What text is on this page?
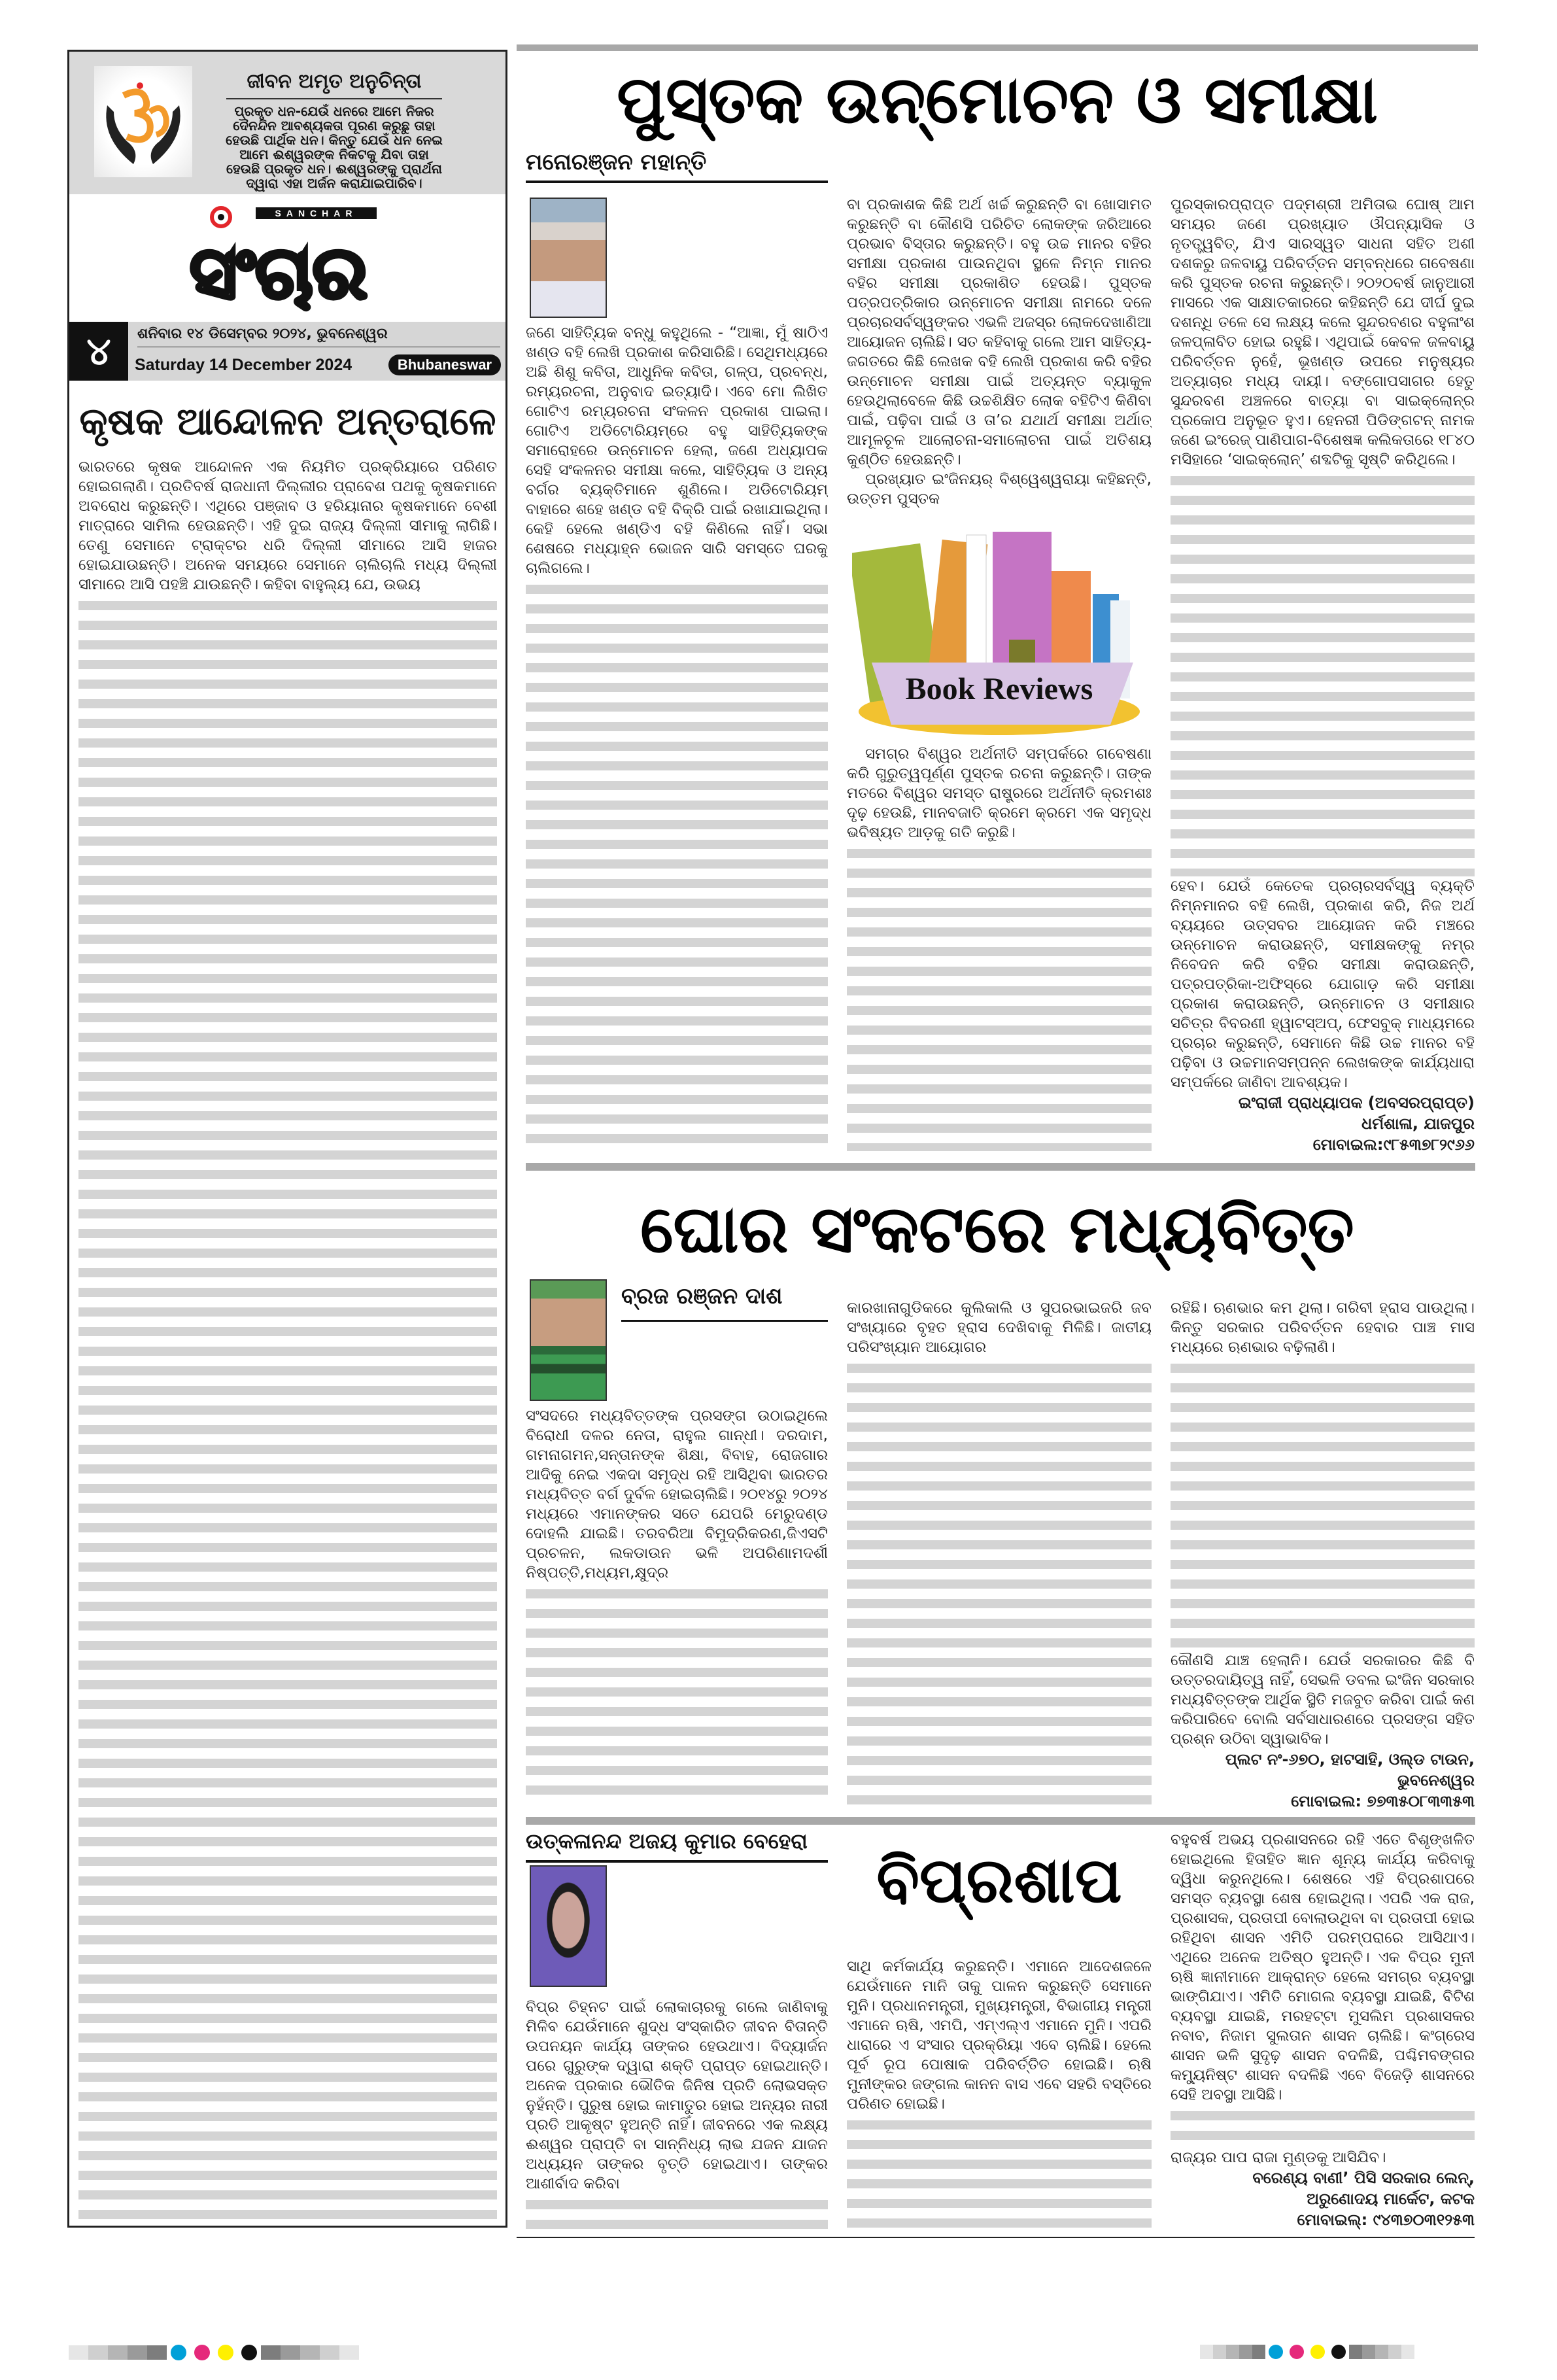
ଜୀବନ ଅମୃତ ଅନୁଚିନ୍ତା
ପ୍ରକୃତ ଧନ-ଯେଉଁ ଧନରେ ଆମେ ନିଜର ଦୈନନ୍ଦିନ ଆବଶ୍ୟକତା ପୂରଣ କରୁଛୁ ତାହା ହେଉଛି ପାର୍ଥିକ ଧନ। କିନ୍ତୁ ଯେଉଁ ଧନ ନେଇ ଆମେ ଈଶ୍ୱରଙ୍କ ନିକଟକୁ ଯିବା ତାହା ହେଉଛି ପ୍ରକୃତ ଧନ। ଈଶ୍ୱରଙ୍କୁ ପ୍ରାର୍ଥନା ଦ୍ୱାରା ଏହା ଅର୍ଜନ କରାଯାଇପାରିବ।
SANCHAR
ସଂଚାର
୪	ଶନିବାର ୧୪ ଡିସେମ୍ବର ୨୦୨୪, ଭୁବନେଶ୍ୱର
Saturday 14 December 2024	Bhubaneswar
କୃଷକ ଆନ୍ଦୋଳନ ଅନ୍ତରାଳେ

ଭାରତରେ କୃଷକ ଆନ୍ଦୋଳନ ଏକ ନିୟମିତ ପ୍ରକ୍ରିୟାରେ ପରିଣତ ହୋଇଗଲାଣି। ପ୍ରତିବର୍ଷ ରାଜଧାନୀ ଦିଲ୍ଲୀର ପ୍ରାବେଶ ପଥକୁ କୃଷକମାନେ ଅବରୋଧ କରୁଛନ୍ତି। ଏଥିରେ ପଞ୍ଜାବ ଓ ହରିୟାନାର କୃଷକମାନେ ବେଶୀ ମାତ୍ରାରେ ସାମିଲ ହେଉଛନ୍ତି। ଏହି ଦୁଇ ରାଜ୍ୟ ଦିଲ୍ଲୀ ସୀମାକୁ ଲାଗିଛି। ତେଣୁ ସେମାନେ ଟ୍ରାକ୍ଟର ଧରି ଦିଲ୍ଲୀ ସୀମାରେ ଆସି ହାଜର ହୋଇଯାଉଛନ୍ତି। ଅନେକ ସମୟରେ ସେମାନେ ଚାଲିଚାଲି ମଧ୍ୟ ଦିଲ୍ଲୀ ସୀମାରେ ଆସି ପହଞ୍ଚି ଯାଉଛନ୍ତି। କହିବା ବାହୁଲ୍ୟ ଯେ, ଉଭୟ

ପୁସ୍ତକ ଉନ୍ମୋଚନ ଓ ସମୀକ୍ଷା
ମନୋରଞ୍ଜନ ମହାନ୍ତି

ଜଣେ ସାହିତ୍ୟିକ ବନ୍ଧୁ କହୁଥିଲେ - “ଆଜ୍ଞା, ମୁଁ ଷାଠିଏ ଖଣ୍ଡ ବହି ଲେଖି ପ୍ରକାଶ କରିସାରିଛି। ସେଥିମଧ୍ୟରେ ଅଛି ଶିଶୁ କବିତା, ଆଧୁନିକ କବିତା, ଗଳ୍ପ, ପ୍ରବନ୍ଧ, ରମ୍ୟରଚନା, ଅନୁବାଦ ଇତ୍ୟାଦି। ଏବେ ମୋ ଲିଖିତ ଗୋଟିଏ ରମ୍ୟରଚନା ସଂକଳନ ପ୍ରକାଶ ପାଇଲା। ଗୋଟିଏ ଅଡିଟୋରିୟମ୍‌ରେ ବହୁ ସାହିତ୍ୟିକଙ୍କ ସମାରୋହରେ ଉନ୍ମୋଚନ ହେଲା, ଜଣେ ଅଧ୍ୟାପକ ସେହି ସଂକଳନର ସମୀକ୍ଷା କଲେ, ସାହିତ୍ୟିକ ଓ ଅନ୍ୟ ବର୍ଗର ବ୍ୟକ୍ତିମାନେ ଶୁଣିଲେ। ଅଡିଟୋରିୟମ୍ ବାହାରେ ଶହେ ଖଣ୍ଡ ବହି ବିକ୍ରି ପାଇଁ ରଖାଯାଇଥିଲା। କେହି ହେଲେ ଖଣ୍ଡିଏ ବହି କିଣିଲେ ନାହିଁ। ସଭା ଶେଷରେ ମଧ୍ୟାହ୍ନ ଭୋଜନ ସାରି ସମସ୍ତେ ଘରକୁ ଚାଲିଗଲେ।

ବା ପ୍ରକାଶକ କିଛି ଅର୍ଥ ଖର୍ଚ୍ଚ କରୁଛନ୍ତି ବା ଖୋସାମତ କରୁଛନ୍ତି ବା କୌଣସି ପରିଚିତ ଲୋକଙ୍କ ଜରିଆରେ ପ୍ରଭାବ ବିସ୍ତାର କରୁଛନ୍ତି। ବହୁ ଉଚ୍ଚ ମାନର ବହିର ସମୀକ୍ଷା ପ୍ରକାଶ ପାଉନଥିବା ସ୍ଥଳେ ନିମ୍ନ ମାନର ବହିର ସମୀକ୍ଷା ପ୍ରକାଶିତ ହେଉଛି। ପୁସ୍ତକ ପତ୍ରପତ୍ରିକାର ଉନ୍ମୋଚନ ସମୀକ୍ଷା ନାମରେ ଦଳେ ପ୍ରଚାରସର୍ବସ୍ୱଙ୍କର ଏଭଳି ଅଜସ୍ର ଲୋକଦେଖାଣିଆ ଆୟୋଜନ ଚାଲିଛି। ସତ କହିବାକୁ ଗଲେ ଆମ ସାହିତ୍ୟ-ଜଗତରେ କିଛି ଲେଖକ ବହି ଲେଖି ପ୍ରକାଶ କରି ବହିର ଉନ୍ମୋଚନ ସମୀକ୍ଷା ପାଇଁ ଅତ୍ୟନ୍ତ ବ୍ୟାକୁଳ ହେଉଥିଲାବେଳେ କିଛି ଉଚ୍ଚଶିକ୍ଷିତ ଲୋକ ବହିଟିଏ କିଣିବା ପାଇଁ, ପଢ଼ିବା ପାଇଁ ଓ ତା’ର ଯଥାର୍ଥ ସମୀକ୍ଷା ଅର୍ଥାତ୍ ଆମୂଳଚୂଳ ଆଲୋଚନା-ସମାଲୋଚନା ପାଇଁ ଅତିଶୟ କୁଣ୍ଠିତ ହେଉଛନ୍ତି।

ପ୍ରଖ୍ୟାତ ଇଂଜିନୟର୍ ବିଶ୍ୱେଶ୍ୱରାୟା କହିଛନ୍ତି, ଉତ୍ତମ ପୁସ୍ତକ

Book Reviews

ସମଗ୍ର ବିଶ୍ୱର ଅର୍ଥନୀତି ସମ୍ପର୍କରେ ଗବେଷଣା କରି ଗୁରୁତ୍ୱପୂର୍ଣ୍ଣ ପୁସ୍ତକ ରଚନା କରୁଛନ୍ତି। ତାଙ୍କ ମତରେ ବିଶ୍ୱର ସମସ୍ତ ରାଷ୍ଟ୍ରରେ ଅର୍ଥନୀତି କ୍ରମଶଃ ଦୃଢ଼ ହେଉଛି, ମାନବଜାତି କ୍ରମେ କ୍ରମେ ଏକ ସମୃଦ୍ଧ ଭବିଷ୍ୟତ ଆଡ଼କୁ ଗତି କରୁଛି।

ପୁରସ୍କାରପ୍ରାପ୍ତ ପଦ୍ମଶ୍ରୀ ଅମିତାଭ ଘୋଷ୍ ଆମ ସମୟର ଜଣେ ପ୍ରଖ୍ୟାତ ଔପନ୍ୟାସିକ ଓ ନୃତତ୍ତ୍ୱବିତ୍, ଯିଏ ସାରସ୍ୱତ ସାଧନା ସହିତ ଅଶୀ ଦଶକରୁ ଜଳବାୟୁ ପରିବର୍ତ୍ତନ ସମ୍ବନ୍ଧରେ ଗବେଷଣା କରି ପୁସ୍ତକ ରଚନା କରୁଛନ୍ତି। ୨୦୨୦ବର୍ଷ ଜାନୁଆରୀ ମାସରେ ଏକ ସାକ୍ଷାତକାରରେ କହିଛନ୍ତି ଯେ ଦୀର୍ଘ ଦୁଇ ଦଶନ୍ଧି ତଳେ ସେ ଲକ୍ଷ୍ୟ କଲେ ସୁନ୍ଦରବଣର ବହୁଳାଂଶ ଜଳପ୍ଳାବିତ ହୋଇ ରହୁଛି। ଏଥିପାଇଁ କେବଳ ଜଳବାୟୁ ପରିବର୍ତ୍ତନ ନୁହେଁ, ଭୂଖଣ୍ଡ ଉପରେ ମନୁଷ୍ୟର ଅତ୍ୟାଚାର ମଧ୍ୟ ଦାୟୀ। ବଙ୍ଗୋପସାଗର ହେତୁ ସୁନ୍ଦରବଣ ଅଞ୍ଚଳରେ ବାତ୍ୟା ବା ସାଇକ୍ଲୋନ୍‌ର ପ୍ରକୋପ ଅନୁଭୂତ ହୁଏ। ହେନରୀ ପିଡିଙ୍ଗଟନ୍ ନାମକ ଜଣେ ଇଂରେଜ୍ ପାଣିପାଗ-ବିଶେଷଜ୍ଞ କଲିକତାରେ ୧୮୪୦ ମସିହାରେ ‘ସାଇକ୍ଲୋନ୍’ ଶବ୍ଦଟିକୁ ସୃଷ୍ଟି କରିଥିଲେ।

ହେବ। ଯେଉଁ କେତେକ ପ୍ରଚାରସର୍ବସ୍ୱ ବ୍ୟକ୍ତି ନିମ୍ନମାନର ବହି ଲେଖି, ପ୍ରକାଶ କରି, ନିଜ ଅର୍ଥ ବ୍ୟୟରେ ଉତ୍ସବର ଆୟୋଜନ କରି ମଞ୍ଚରେ ଉନ୍ମୋଚନ କରାଉଛନ୍ତି, ସମୀକ୍ଷକଙ୍କୁ ନମ୍ର ନିବେଦନ କରି ବହିର ସମୀକ୍ଷା କରାଉଛନ୍ତି, ପତ୍ରପତ୍ରିକା-ଅଫିସ୍‌ରେ ଯୋଗାଡ଼ କରି ସମୀକ୍ଷା ପ୍ରକାଶ କରାଉଛନ୍ତି, ଉନ୍ମୋଚନ ଓ ସମୀକ୍ଷାର ସଚିତ୍ର ବିବରଣୀ ହ୍ୱାଟସ୍‌ଅପ୍, ଫେସବୁକ୍ ମାଧ୍ୟମରେ ପ୍ରଚାର କରୁଛନ୍ତି, ସେମାନେ କିଛି ଉଚ୍ଚ ମାନର ବହି ପଢ଼ିବା ଓ ଉଚ୍ଚମାନସମ୍ପନ୍ନ ଲେଖକଙ୍କ କାର୍ଯ୍ୟଧାରା ସମ୍ପର୍କରେ ଜାଣିବା ଆବଶ୍ୟକ।

ଇଂରାଜୀ ପ୍ରାଧ୍ୟାପକ (ଅବସରପ୍ରାପ୍ତ)
ଧର୍ମଶାଳା, ଯାଜପୁର
ମୋବାଇଲ:୯୮୫୩୭୮୨୯୬୬
ଘୋର ସଂକଟରେ ମଧ୍ୟବିତ୍ତ
ବ୍ରଜ ରଞ୍ଜନ ଦାଶ

ସଂସଦରେ ମଧ୍ୟବିତ୍ତଙ୍କ ପ୍ରସଙ୍ଗ ଉଠାଇଥିଲେ ବିରୋଧୀ ଦଳର ନେତା, ରାହୁଲ ଗାନ୍ଧୀ। ଦରଦାମ, ଗମନାଗମନ,ସନ୍ତାନଙ୍କ ଶିକ୍ଷା, ବିବାହ, ରୋଜଗାର ଆଦିକୁ ନେଇ ଏକଦା ସମୃଦ୍ଧ ରହି ଆସିଥିବା ଭାରତର ମଧ୍ୟବିତ୍ତ ବର୍ଗ ଦୁର୍ବଳ ହୋଇଚାଲିଛି। ୨୦୧୪ରୁ ୨୦୨୪ ମଧ୍ୟରେ ଏମାନଙ୍କର ସତେ ଯେପରି ମେରୁଦଣ୍ଡ ଦୋହଲି ଯାଇଛି। ତରବରିଆ ବିମୁଦ୍ରିକରଣ,ଜିଏସଟି ପ୍ରଚଳନ, ଲକଡାଉନ ଭଳି ଅପରିଣାମଦର୍ଶୀ ନିଷ୍ପତ୍ତି,ମଧ୍ୟମ,କ୍ଷୁଦ୍ର

କାରଖାନାଗୁଡିକରେ କୁଲିକାଲି ଓ ସୁପରଭାଇଜରି ଜବ ସଂଖ୍ୟାରେ ବୃହତ ହ୍ରାସ ଦେଖିବାକୁ ମିଳିଛି। ଜାତୀୟ ପରିସଂଖ୍ୟାନ ଆୟୋଗର

ରହିଛି। ଋଣଭାର କମ ଥିଲା। ଗରିବୀ ହ୍ରାସ ପାଉଥିଲା। କିନ୍ତୁ ସରକାର ପରିବର୍ତ୍ତନ ହେବାର ପାଞ୍ଚ ମାସ ମଧ୍ୟରେ ଋଣଭାର ବଢ଼ିଲାଣି।

କୌଣସି ଯାଞ୍ଚ ହେଲାନି। ଯେଉଁ ସରକାରର କିଛି ବି ଉତ୍ତରଦାୟିତ୍ୱ ନାହିଁ, ସେଭଳି ଡବଲ ଇଂଜିନ ସରକାର ମଧ୍ୟବିତ୍ତଙ୍କ ଆର୍ଥିକ ସ୍ଥିତି ମଜବୁତ କରିବା ପାଇଁ କଣ କରିପାରିବେ ବୋଲି ସର୍ବସାଧାରଣରେ ପ୍ରସଙ୍ଗ ସହିତ ପ୍ରଶ୍ନ ଉଠିବା ସ୍ୱାଭାବିକ।

ପ୍ଲଟ ନଂ-୬୭୦, ହାଟସାହି, ଓଲ୍ଡ ଟାଉନ, ଭୁବନେଶ୍ୱର
ମୋବାଇଲ: ୭୭୩୫୦୮୩୩୫୩
ଉତ୍କଳାନନ୍ଦ ଅଜୟ କୁମାର ବେହେରା

ବିପ୍ର ଚିହ୍ନଟ ପାଇଁ ଲୋକାଚାରକୁ ଗଲେ ଜାଣିବାକୁ ମିଳିବ ଯେଉଁମାନେ ଶୁଦ୍ଧ ସଂସ୍କାରିତ ଜୀବନ ବିତାନ୍ତି ଉପନୟନ କାର୍ଯ୍ୟ ତାଙ୍କର ହେଉଥାଏ। ବିଦ୍ୟାର୍ଜନ ପରେ ଗୁରୁଙ୍କ ଦ୍ୱାରା ଶକ୍ତି ପ୍ରାପ୍ତ ହୋଇଥାନ୍ତି। ଅନେକ ପ୍ରକାର ଭୌତିକ ଜିନିଷ ପ୍ରତି ଲୋଭସକ୍ତ ନୁହଁନ୍ତି। ପୁରୁଷ ହୋଇ କାମାତୁର ହୋଇ ଅନ୍ୟର ନାରୀ ପ୍ରତି ଆକୃଷ୍ଟ ହୁଅନ୍ତି ନାହିଁ। ଜୀବନରେ ଏକ ଲକ୍ଷ୍ୟ ଈଶ୍ୱର ପ୍ରାପ୍ତି ବା ସାନ୍ନିଧ୍ୟ ଲାଭ ଯଜନ ଯାଜନ ଅଧ୍ୟୟନ ତାଙ୍କର ବୃତ୍ତି ହୋଇଥାଏ। ତାଙ୍କର ଆଶୀର୍ବାଦ କରିବା

ବିପ୍ରଶାପ

ସାଥି କର୍ମକାର୍ଯ୍ୟ କରୁଛନ୍ତି। ଏମାନେ ଆଦେଶଜଳେ ଯେଉଁମାନେ ମାନି ତାକୁ ପାଳନ କରୁଛନ୍ତି ସେମାନେ ମୁନି। ପ୍ରଧାନମନ୍ତ୍ରୀ, ମୁଖ୍ୟମନ୍ତ୍ରୀ, ବିଭାଗୀୟ ମନ୍ତ୍ରୀ ଏମାନେ ଋଷି, ଏମପି, ଏମ୍‌ଏଲ୍‌ଏ ଏମାନେ ମୁନି। ଏପରି ଧାରାରେ ଏ ସଂସାର ପ୍ରକ୍ରିୟା ଏବେ ଚାଲିଛି। ହେଲେ ପୂର୍ବ ରୂପ ପୋଷାକ ପରିବର୍ତ୍ତିତ ହୋଇଛି। ଋଷି ମୁନୀଙ୍କର ଜଙ୍ଗଲ କାନନ ବାସ ଏବେ ସହରି ବସ୍ତିରେ ପରିଣତ ହୋଇଛି।

ବହୁବର୍ଷ ଅଭୟ ପ୍ରଶାସନରେ ରହି ଏତେ ବିଶୃଙ୍ଖଳିତ ହୋଇଥିଲେ ହିତାହିତ ଜ୍ଞାନ ଶୂନ୍ୟ କାର୍ଯ୍ୟ କରିବାକୁ ଦ୍ୱିଧା କରୁନଥିଲେ। ଶେଷରେ ଏହି ବିପ୍ରଶାପରେ ସମସ୍ତ ବ୍ୟବସ୍ଥା ଶେଷ ହୋଇଥିଲା। ଏପରି ଏକ ରାଜ, ପ୍ରଶାସକ, ପ୍ରତାପୀ ବୋଲାଉଥିବା ବା ପ୍ରତାପୀ ହୋଇ ରହିଥିବା ଶାସନ ଏମିତି ପରମ୍ପରାରେ ଆସିଥାଏ। ଏଥିରେ ଅନେକ ଅତିଷ୍ଠ ହୁଅନ୍ତି। ଏକ ବିପ୍ର ମୁନୀ ଋଷି ଜ୍ଞାନୀମାନେ ଆକ୍ରାନ୍ତ ହେଲେ ସମଗ୍ର ବ୍ୟବସ୍ଥା ଭାଙ୍ଗିଯାଏ। ଏମିତି ମୋଗଲ ବ୍ୟବସ୍ଥା ଯାଇଛି, ବିଟିଶ ବ୍ୟବସ୍ଥା ଯାଇଛି, ମରହଟ୍ଟା ମୁସଲିମ ପ୍ରଶାସକର ନବାବ, ନିଜାମ ସୁଲତାନ ଶାସନ ଚାଲିଛି। କଂଗ୍ରେସ ଶାସନ ଭଳି ସୁଦୃଢ଼ ଶାସନ ବଦଳିଛି, ପଶ୍ଚିମବଙ୍ଗର କମ୍ୟୁନିଷ୍ଟ ଶାସନ ବଦଳିଛି ଏବେ ବିଜେଡ଼ି ଶାସନରେ ସେହି ଅବସ୍ଥା ଆସିଛି।

ରାଜ୍ୟର ପାପ ରାଜା ମୁଣ୍ଡକୁ ଆସିଯିବ।

ବରେଣ୍ୟ ବାଣୀ’ ପିସି ସରକାର ଲେନ୍,
ଅରୁଣୋଦୟ ମାର୍କେଟ, କଟକ
ମୋବାଇଲ୍: ୯୪୩୭୦୩୧୨୫୩
